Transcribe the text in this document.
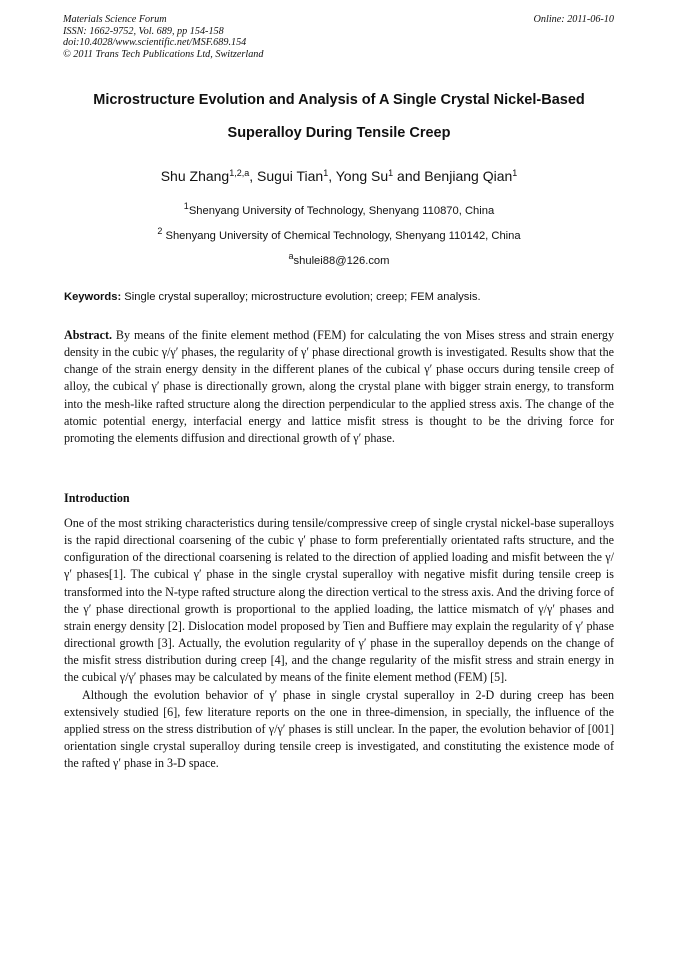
Materials Science Forum
ISSN: 1662-9752, Vol. 689, pp 154-158
doi:10.4028/www.scientific.net/MSF.689.154
© 2011 Trans Tech Publications Ltd, Switzerland
Online: 2011-06-10
Microstructure Evolution and Analysis of A Single Crystal Nickel-Based
Superalloy During Tensile Creep
Shu Zhang$^{1,2,a}$, Sugui Tian$^1$, Yong Su$^1$ and Benjiang Qian$^1$
$^1$Shenyang University of Technology, Shenyang 110870, China
$^2$ Shenyang University of Chemical Technology, Shenyang 110142, China
$^a$shulei88@126.com
Keywords: Single crystal superalloy; microstructure evolution; creep; FEM analysis.

Abstract. By means of the finite element method (FEM) for calculating the von Mises stress and strain energy density in the cubic γ/γ′ phases, the regularity of γ′ phase directional growth is investigated. Results show that the change of the strain energy density in the different planes of the cubical γ′ phase occurs during tensile creep of alloy, the cubical γ′ phase is directionally grown, along the crystal plane with bigger strain energy, to transform into the mesh-like rafted structure along the direction perpendicular to the applied stress axis. The change of the atomic potential energy, interfacial energy and lattice misfit stress is thought to be the driving force for promoting the elements diffusion and directional growth of γ′ phase.

Introduction

One of the most striking characteristics during tensile/compressive creep of single crystal nickel-base superalloys is the rapid directional coarsening of the cubic γ′ phase to form preferentially orientated rafts structure, and the configuration of the directional coarsening is related to the direction of applied loading and misfit between the γ/γ′ phases[1]. The cubical γ′ phase in the single crystal superalloy with negative misfit during tensile creep is transformed into the N-type rafted structure along the direction vertical to the stress axis. And the driving force of the γ′ phase directional growth is proportional to the applied loading, the lattice mismatch of γ/γ′ phases and strain energy density [2]. Dislocation model proposed by Tien and Buffiere may explain the regularity of γ′ phase directional growth [3]. Actually, the evolution regularity of γ′ phase in the superalloy depends on the change of the misfit stress distribution during creep [4], and the change regularity of the misfit stress and strain energy in the cubical γ/γ′ phases may be calculated by means of the finite element method (FEM) [5].

Although the evolution behavior of γ′ phase in single crystal superalloy in 2-D during creep has been extensively studied [6], few literature reports on the one in three-dimension, in specially, the influence of the applied stress on the stress distribution of γ/γ′ phases is still unclear. In the paper, the evolution behavior of [001] orientation single crystal superalloy during tensile creep is investigated, and constituting the existence mode of the rafted γ′ phase in 3-D space.
